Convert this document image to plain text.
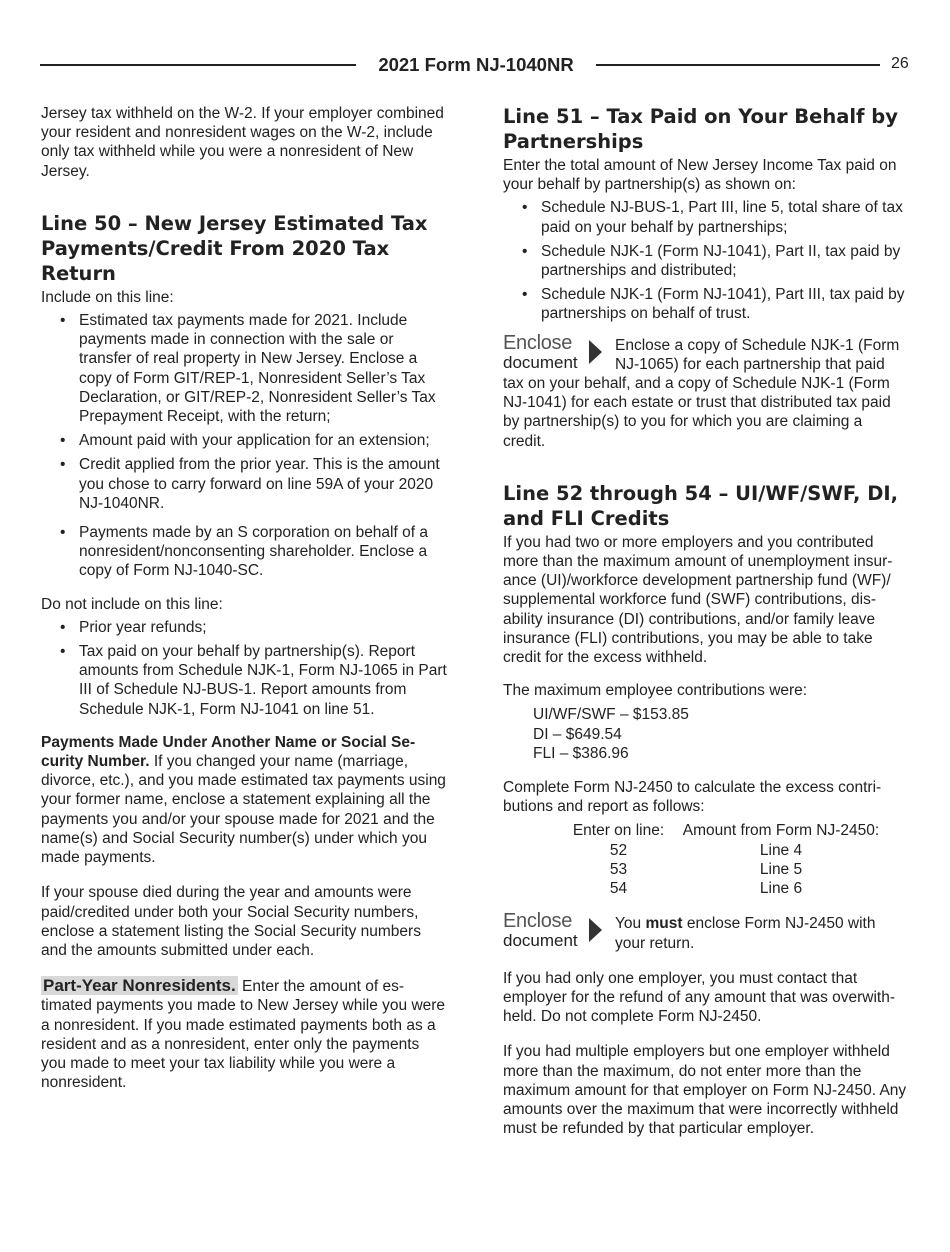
2021 Form NJ-1040NR	26

Jersey tax withheld on the W-2. If your employer combined your resident and nonresident wages on the W-2, include only tax withheld while you were a nonresident of New Jersey.

Line 50 – New Jersey Estimated Tax Payments/Credit From 2020 Tax Return

Include on this line:

• Estimated tax payments made for 2021. Include payments made in connection with the sale or transfer of real property in New Jersey. Enclose a copy of Form GIT/REP-1, Nonresident Seller’s Tax Declaration, or GIT/REP-2, Nonresident Seller’s Tax Prepayment Receipt, with the return;
• Amount paid with your application for an extension;
• Credit applied from the prior year. This is the amount you chose to carry forward on line 59A of your 2020 NJ-1040NR.
• Payments made by an S corporation on behalf of a nonresident/nonconsenting shareholder. Enclose a copy of Form NJ-1040-SC.

Do not include on this line:

• Prior year refunds;
• Tax paid on your behalf by partnership(s). Report amounts from Schedule NJK-1, Form NJ-1065 in Part III of Schedule NJ-BUS-1. Report amounts from Schedule NJK-1, Form NJ-1041 on line 51.

Payments Made Under Another Name or Social Security Number. If you changed your name (marriage, divorce, etc.), and you made estimated tax payments using your former name, enclose a statement explaining all the payments you and/or your spouse made for 2021 and the name(s) and Social Security number(s) under which you made payments.

If your spouse died during the year and amounts were paid/credited under both your Social Security numbers, enclose a statement listing the Social Security numbers and the amounts submitted under each.

Part-Year Nonresidents. Enter the amount of estimated payments you made to New Jersey while you were a nonresident. If you made estimated payments both as a resident and as a nonresident, enter only the payments you made to meet your tax liability while you were a nonresident.

Line 51 – Tax Paid on Your Behalf by Partnerships

Enter the total amount of New Jersey Income Tax paid on your behalf by partnership(s) as shown on:

• Schedule NJ-BUS-1, Part III, line 5, total share of tax paid on your behalf by partnerships;
• Schedule NJK-1 (Form NJ-1041), Part II, tax paid by partnerships and distributed;
• Schedule NJK-1 (Form NJ-1041), Part III, tax paid by partnerships on behalf of trust.
Enclose
document

Enclose a copy of Schedule NJK-1 (Form NJ-1065) for each partnership that paid tax on your behalf, and a copy of Schedule NJK-1 (Form NJ-1041) for each estate or trust that distributed tax paid by partnership(s) to you for which you are claiming a credit.

Line 52 through 54 – UI/WF/SWF, DI, and FLI Credits

If you had two or more employers and you contributed more than the maximum amount of unemployment insurance (UI)/workforce development partnership fund (WF)/ supplemental workforce fund (SWF) contributions, disability insurance (DI) contributions, and/or family leave insurance (FLI) contributions, you may be able to take credit for the excess withheld.

The maximum employee contributions were:

UI/WF/SWF – $153.85

DI – $649.54

FLI – $386.96

Complete Form NJ-2450 to calculate the excess contributions and report as follows:

Enter on line:	Amount from Form NJ-2450:
52	Line 4
53	Line 5
54	Line 6
Enclose
document

You must enclose Form NJ-2450 with your return.

If you had only one employer, you must contact that employer for the refund of any amount that was overwithheld. Do not complete Form NJ-2450.

If you had multiple employers but one employer withheld more than the maximum, do not enter more than the maximum amount for that employer on Form NJ-2450. Any amounts over the maximum that were incorrectly withheld must be refunded by that particular employer.
